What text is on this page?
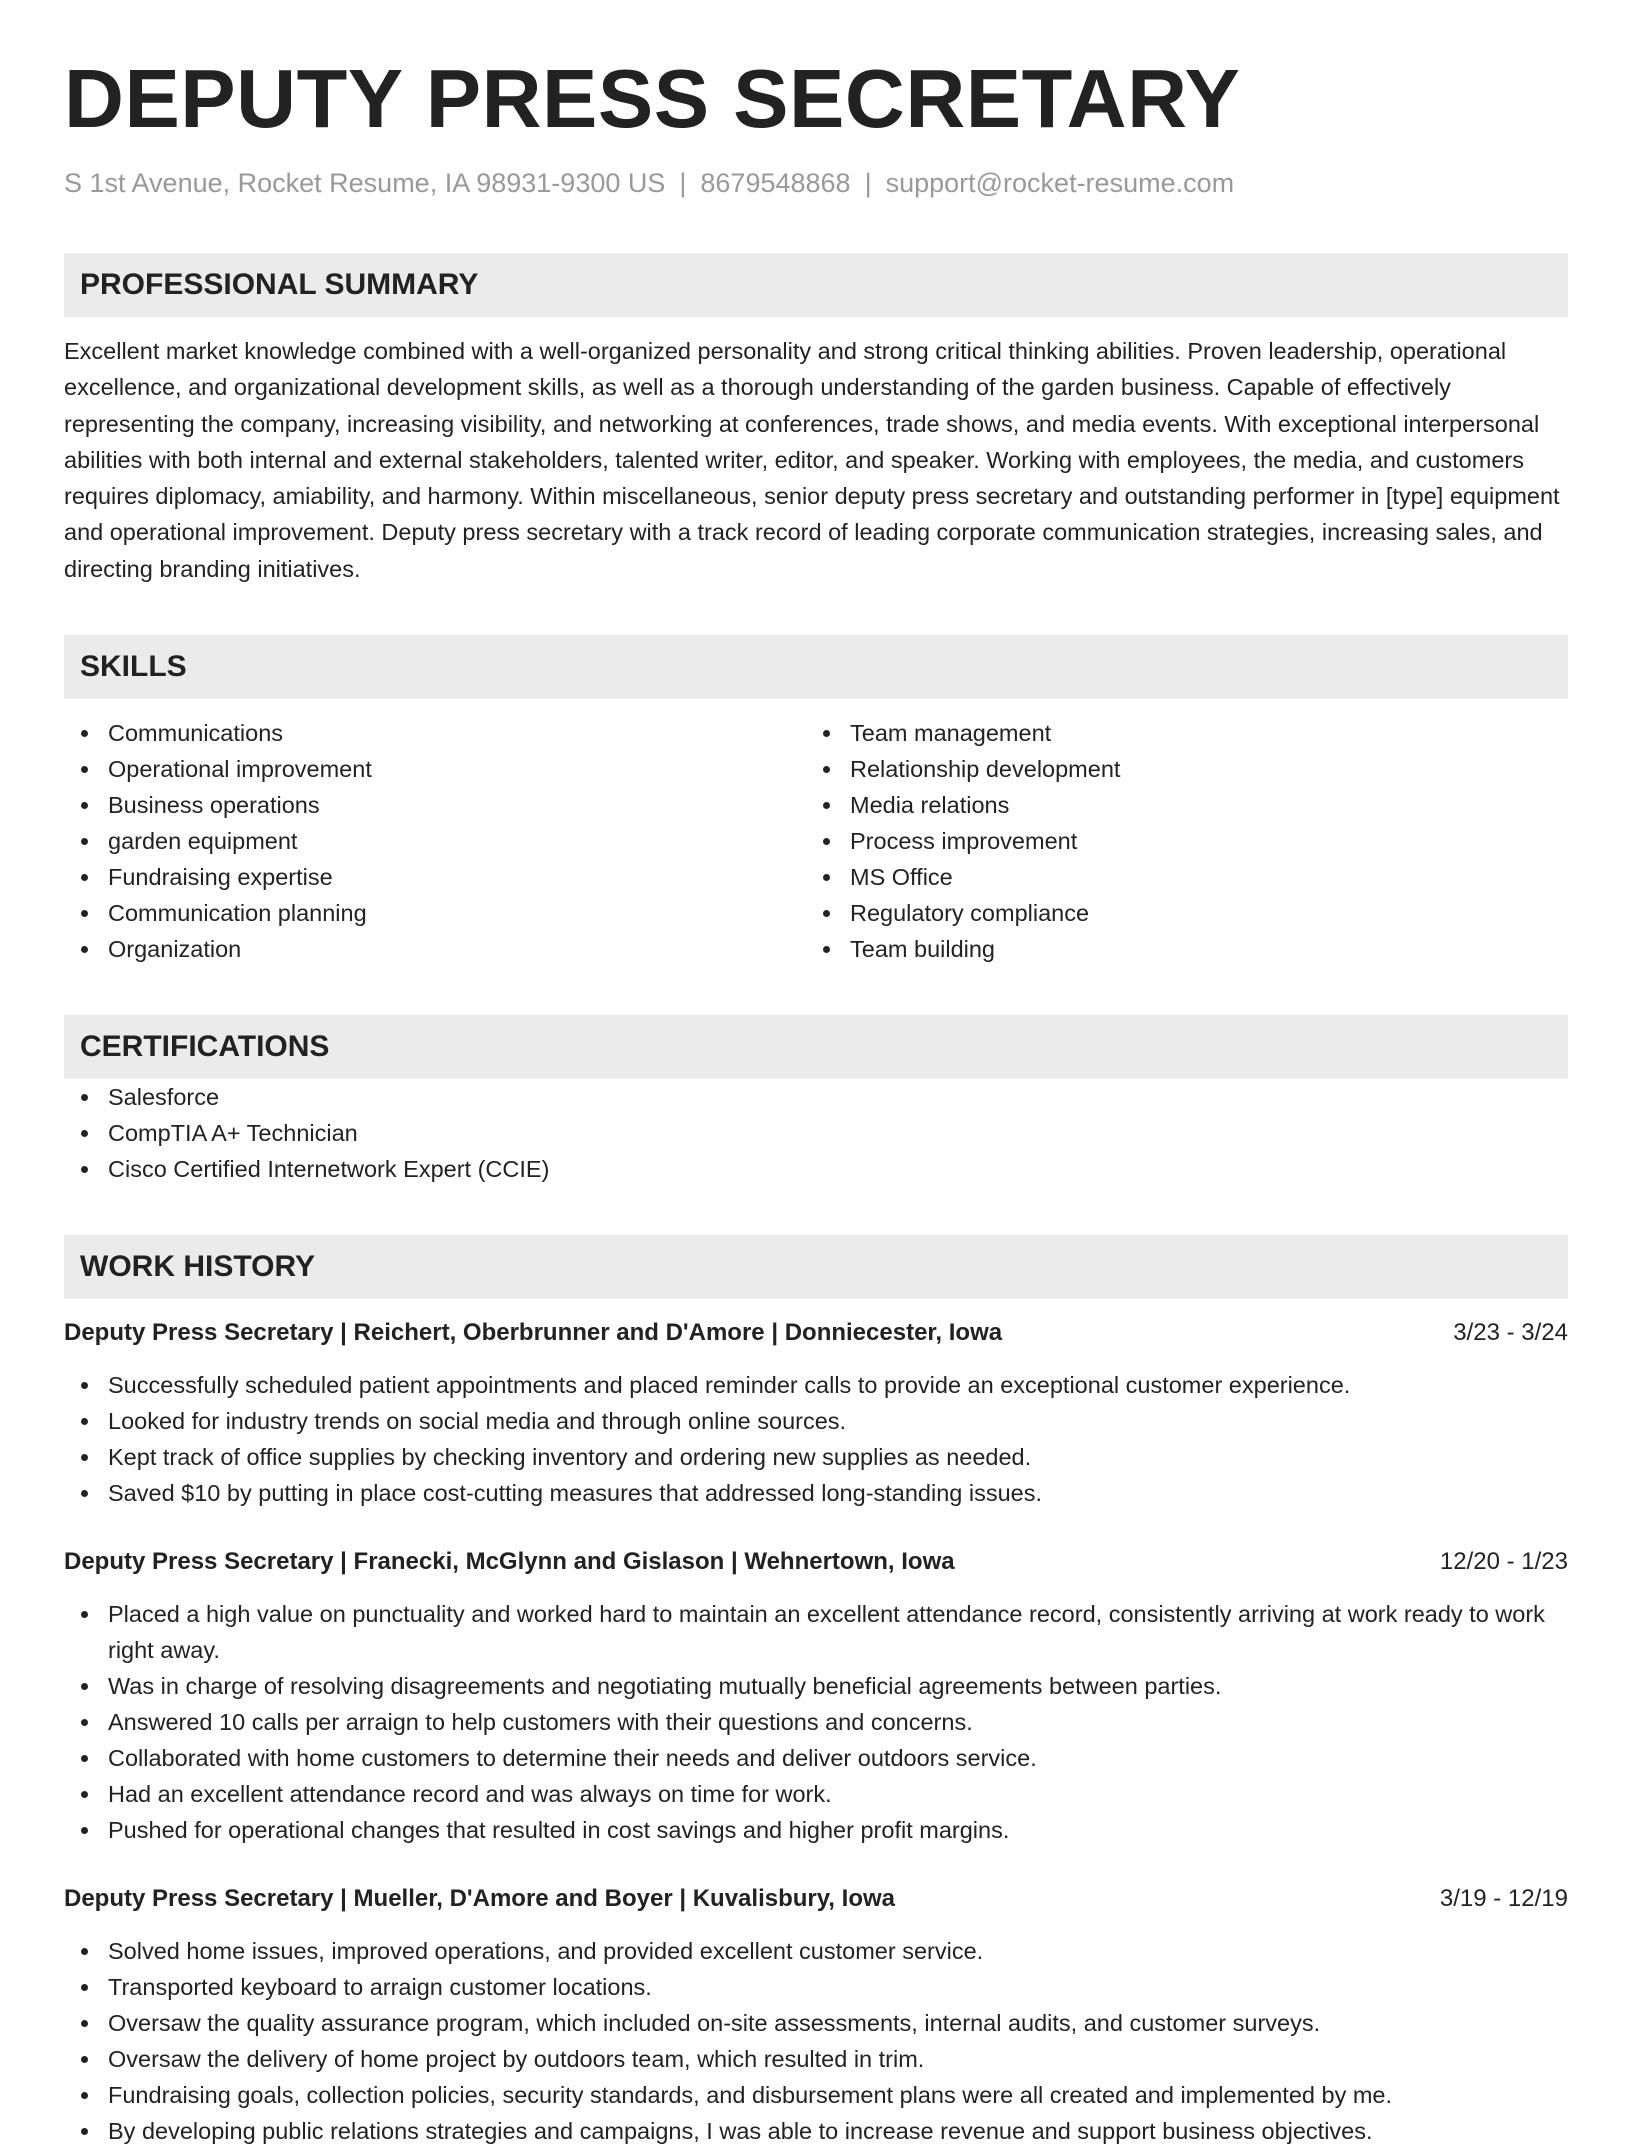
DEPUTY PRESS SECRETARY
S 1st Avenue, Rocket Resume, IA 98931-9300 US | 8679548868 | support@rocket-resume.com
PROFESSIONAL SUMMARY

Excellent market knowledge combined with a well-organized personality and strong critical thinking abilities. Proven leadership, operational excellence, and organizational development skills, as well as a thorough understanding of the garden business. Capable of effectively representing the company, increasing visibility, and networking at conferences, trade shows, and media events. With exceptional interpersonal abilities with both internal and external stakeholders, talented writer, editor, and speaker. Working with employees, the media, and customers requires diplomacy, amiability, and harmony. Within miscellaneous, senior deputy press secretary and outstanding performer in [type] equipment and operational improvement. Deputy press secretary with a track record of leading corporate communication strategies, increasing sales, and directing branding initiatives.

SKILLS
Communications
Operational improvement
Business operations
garden equipment
Fundraising expertise
Communication planning
Organization
Team management
Relationship development
Media relations
Process improvement
MS Office
Regulatory compliance
Team building
CERTIFICATIONS
Salesforce
CompTIA A+ Technician
Cisco Certified Internetwork Expert (CCIE)
WORK HISTORY
Deputy Press Secretary | Reichert, Oberbrunner and D'Amore | Donniecester, Iowa	3/23 - 3/24
Successfully scheduled patient appointments and placed reminder calls to provide an exceptional customer experience.
Looked for industry trends on social media and through online sources.
Kept track of office supplies by checking inventory and ordering new supplies as needed.
Saved $10 by putting in place cost-cutting measures that addressed long-standing issues.
Deputy Press Secretary | Franecki, McGlynn and Gislason | Wehnertown, Iowa	12/20 - 1/23
Placed a high value on punctuality and worked hard to maintain an excellent attendance record, consistently arriving at work ready to work right away.
Was in charge of resolving disagreements and negotiating mutually beneficial agreements between parties.
Answered 10 calls per arraign to help customers with their questions and concerns.
Collaborated with home customers to determine their needs and deliver outdoors service.
Had an excellent attendance record and was always on time for work.
Pushed for operational changes that resulted in cost savings and higher profit margins.
Deputy Press Secretary | Mueller, D'Amore and Boyer | Kuvalisbury, Iowa	3/19 - 12/19
Solved home issues, improved operations, and provided excellent customer service.
Transported keyboard to arraign customer locations.
Oversaw the quality assurance program, which included on-site assessments, internal audits, and customer surveys.
Oversaw the delivery of home project by outdoors team, which resulted in trim.
Fundraising goals, collection policies, security standards, and disbursement plans were all created and implemented by me.
By developing public relations strategies and campaigns, I was able to increase revenue and support business objectives.
